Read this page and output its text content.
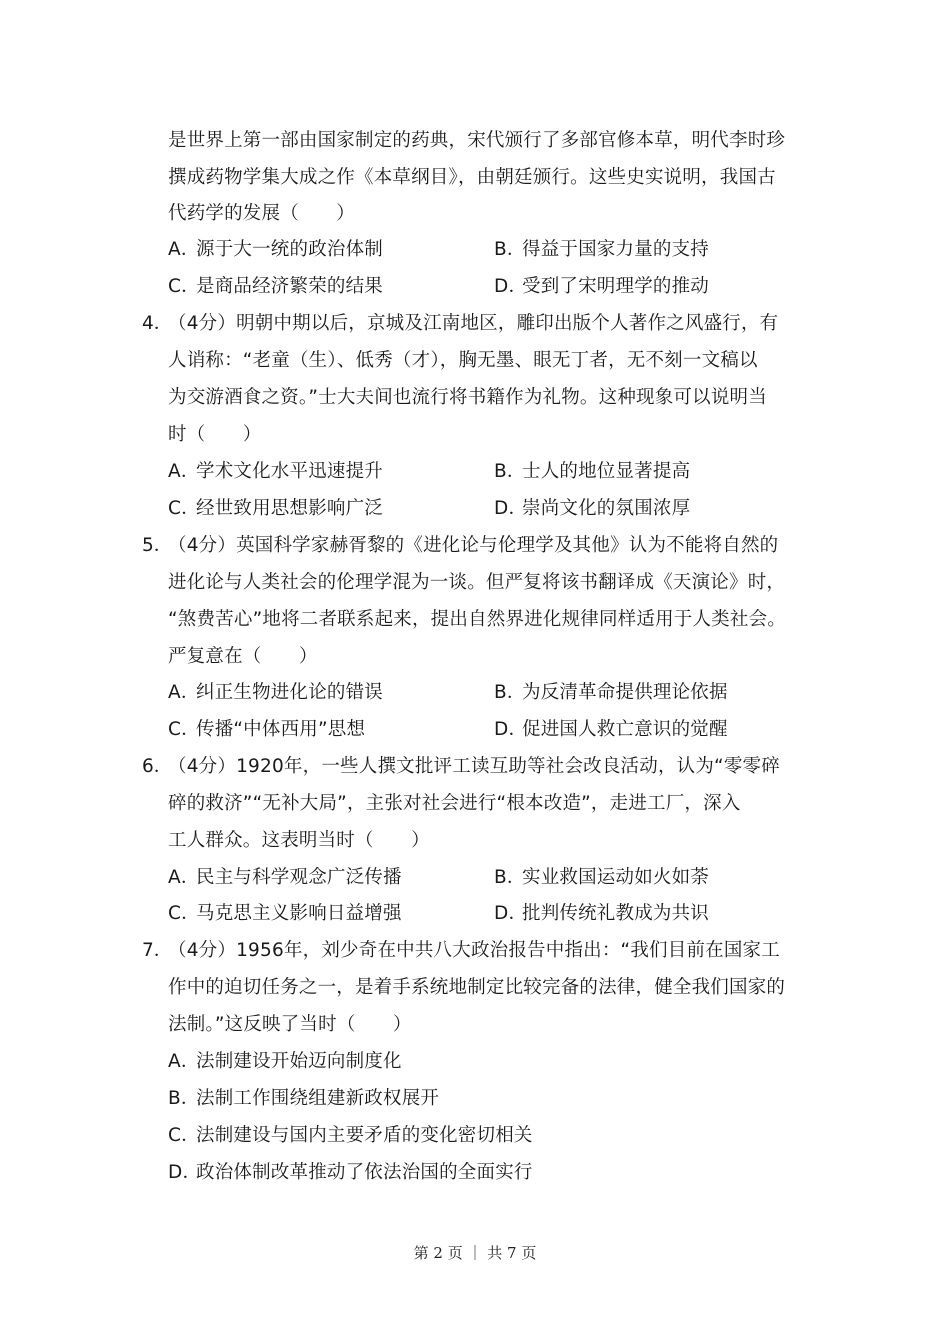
是世界上第一部由国家制定的药典，宋代颁行了多部官修本草，明代李时珍
撰成药物学集大成之作《本草纲目》，由朝廷颁行。这些史实说明，我国古
代药学的发展（　　）
A．源于大一统的政治体制	B．得益于国家力量的支持
C．是商品经济繁荣的结果	D．受到了宋明理学的推动
4．
（4分）明朝中期以后，京城及江南地区，雕印出版个人著作之风盛行，有
人诮称：“老童（生）、低秀（才），胸无墨、眼无丁者，无不刻一文稿以
为交游酒食之资。”士大夫间也流行将书籍作为礼物。这种现象可以说明当
时（　　）
A．学术文化水平迅速提升	B．士人的地位显著提高
C．经世致用思想影响广泛	D．崇尚文化的氛围浓厚
5．
（4分）英国科学家赫胥黎的《进化论与伦理学及其他》认为不能将自然的
进化论与人类社会的伦理学混为一谈。但严复将该书翻译成《天演论》时，
“煞费苦心”地将二者联系起来，提出自然界进化规律同样适用于人类社会。
严复意在（　　）
A．纠正生物进化论的错误	B．为反清革命提供理论依据
C．传播“中体西用”思想	D．促进国人救亡意识的觉醒
6．
（4分）1920年，一些人撰文批评工读互助等社会改良活动，认为“零零碎
碎的救济”“无补大局”，主张对社会进行“根本改造”，走进工厂，深入
工人群众。这表明当时（　　）
A．民主与科学观念广泛传播	B．实业救国运动如火如荼
C．马克思主义影响日益增强	D．批判传统礼教成为共识
7．
（4分）1956年，刘少奇在中共八大政治报告中指出：“我们目前在国家工
作中的迫切任务之一，是着手系统地制定比较完备的法律，健全我们国家的
法制。”这反映了当时（　　）
A．法制建设开始迈向制度化
B．法制工作围绕组建新政权展开
C．法制建设与国内主要矛盾的变化密切相关
D．政治体制改革推动了依法治国的全面实行
第 2 页 ｜ 共 7 页
